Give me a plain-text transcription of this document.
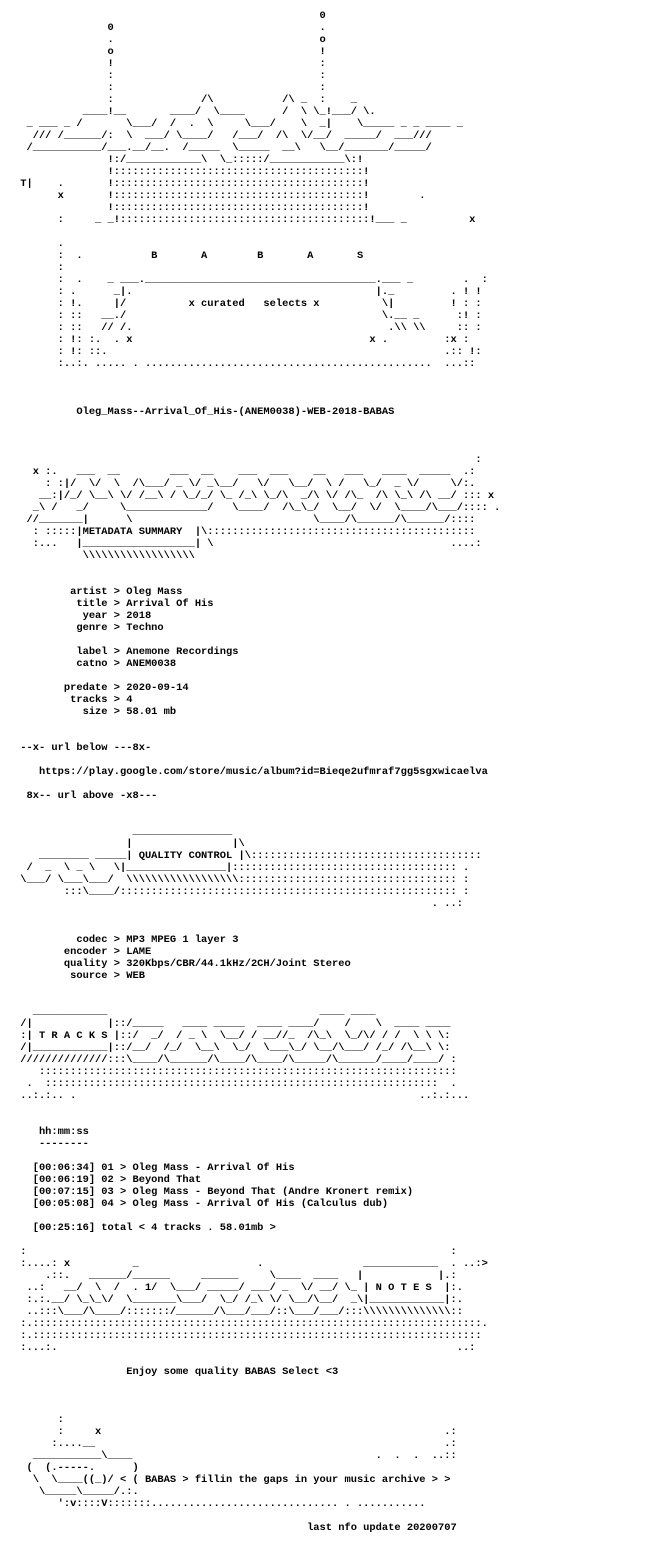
0
0                                 .
.                                 o
o                                 !
!                                 :
:                                 :
:                                 :
:              /\           /\ _  :    _
____!__       ____/  \____      /  \ \_!___/ \.
_ ___ _ /       \___/  /  .  \     \___/    \  _|    \_____ _ _ ____ _
/// /______/:  \  ___/ \____/   /___/  /\  \/__/  _____/  ___///
/___________/___.__/__.  /_____  \_____  __\   \__/_______/_____/
!:/____________\  \_:::::/____________\:!
!::::::::::::::::::::::::::::::::::::::::!
T|    .       !::::::::::::::::::::::::::::::::::::::::!
x       !::::::::::::::::::::::::::::::::::::::::!        .
!::::::::::::::::::::::::::::::::::::::::!
:     _ _!::::::::::::::::::::::::::::::::::::::::!___ _          x

.
:  .           B       A        B       A       S
:
:  .    _ ___._____________________________________.___ _        .  :
: .      _|.                                       |._         . ! !
: !.     |/          x curated   selects x          \|         ! : :
: ::   __./                                         \.__ _      :! :
: ::   // /.                                         .\\ \\     :: :
: !: :.  . x                                      x .         :x :
: !: ::.                                                      .:: !:
:..:. ..... . ..............................................  ...::

Oleg_Mass--Arrival_Of_His-(ANEM0038)-WEB-2018-BABAS

:
x :.   ___  __        ___  __    ___  ___    __   ___   ____  _____  .:
: :|/  \/  \  /\___/ _ \/ _\__/   \/   \__/  \ /   \_/  _ \/     \/:.
__:|/_/ \__\ \/ /__\ / \_/_/ \_ /_\ \_/\  _/\ \/ /\_  /\ \_\ /\ __/ ::: x
_\ /   _/     \_____________/   \____/  /\_\_/  \__/  \/  \____/\___/:::: .
//_______|      \                             \____/\______/\______/::::
: :::::|METADATA SUMMARY  |\:::::::::::::::::::::::::::::::::::::::::::
:...   |__________________| \                                      ....:
\\\\\\\\\\\\\\\\\\

artist > Oleg Mass
title > Arrival Of His
year > 2018
genre > Techno

label > Anemone Recordings
catno > ANEM0038

predate > 2020-09-14
tracks > 4
size > 58.01 mb

--x- url below ---8x-

https://play.google.com/store/music/album?id=Bieqe2ufmraf7gg5sgxwicaelva

8x-- url above -x8---

________________
|                |\
________ _____| QUALITY CONTROL |\:::::::::::::::::::::::::::::::::::::
/  _  \ _ \   \|________________|:::::::::::::::::::::::::::::::::::: .
\___/ \___\___/  \\\\\\\\\\\\\\\\\\::::::::::::::::::::::::::::::::::: :
:::\____/:::::::::::::::::::::::::::::::::::::::::::::::::::::: :
. ..:

codec > MP3 MPEG 1 layer 3
encoder > LAME
quality > 320Kbps/CBR/44.1kHz/2CH/Joint Stereo
source > WEB

____________                                  ____ ____
/|            |::/_____   ____ _____  ____ ____/    /    \  ____ ____
:| T R A C K S |::/  _/  / _ \  \__/ / __//_  /\_\  \_/\/ / /  \ \ \:
/|____________|::/__/  /_/  \__\  \_/  \___\_/ \__/\___/ /_/ /\__\ \:
//////////////:::\____/\______/\____/\____/\_____/\______/____/____/ :
:::::::::::::::::::::::::::::::::::::::::::::::::::::::::::::::::::
.  :::::::::::::::::::::::::::::::::::::::::::::::::::::::::::::::  .
..:.:.. .                                                       ..:.:...

hh:mm:ss
--------

[00:06:34] 01 > Oleg Mass - Arrival Of His
[00:06:19] 02 > Beyond That
[00:07:15] 03 > Oleg Mass - Beyond That (Andre Kronert remix)
[00:05:08] 04 > Oleg Mass - Arrival Of His (Calculus dub)

[00:25:16] total < 4 tracks . 58.01mb >

:                                                                    :
:....: x          _                   .                ____________  . ..:>
.::.   ______/______     ______     \____  ____   |            |.:
..:   __/  \  /  . 1/  \___/ _____/ ___/ _  \/ __/ \_ | N O T E S  |:.
:.:.__/ \_\_\/  \_______\___/  \_/ /_\ \/ \__/\__/  _\|____________|:.
..:::\___/\____/:::::::/______/\___/___/::\___/___/:::\\\\\\\\\\\\\\::
:.::::::::::::::::::::::::::::::::::::::::::::::::::::::::::::::::::::::::.
:.::::::::::::::::::::::::::::::::::::::::::::::::::::::::::::::::::::::::
:...:.                                                                ..:

Enjoy some quality BABAS Select <3

:
:     x                                                       .:
:....__                                                        .:
___________\____                                       .  .  .  ..::
(  (.-----.      )
\  \____((_)/ < ( BABAS > fillin the gaps in your music archive > >
\_____\_____/.:.
':v::::V:::::::.............................. . ...........

last nfo update 20200707
